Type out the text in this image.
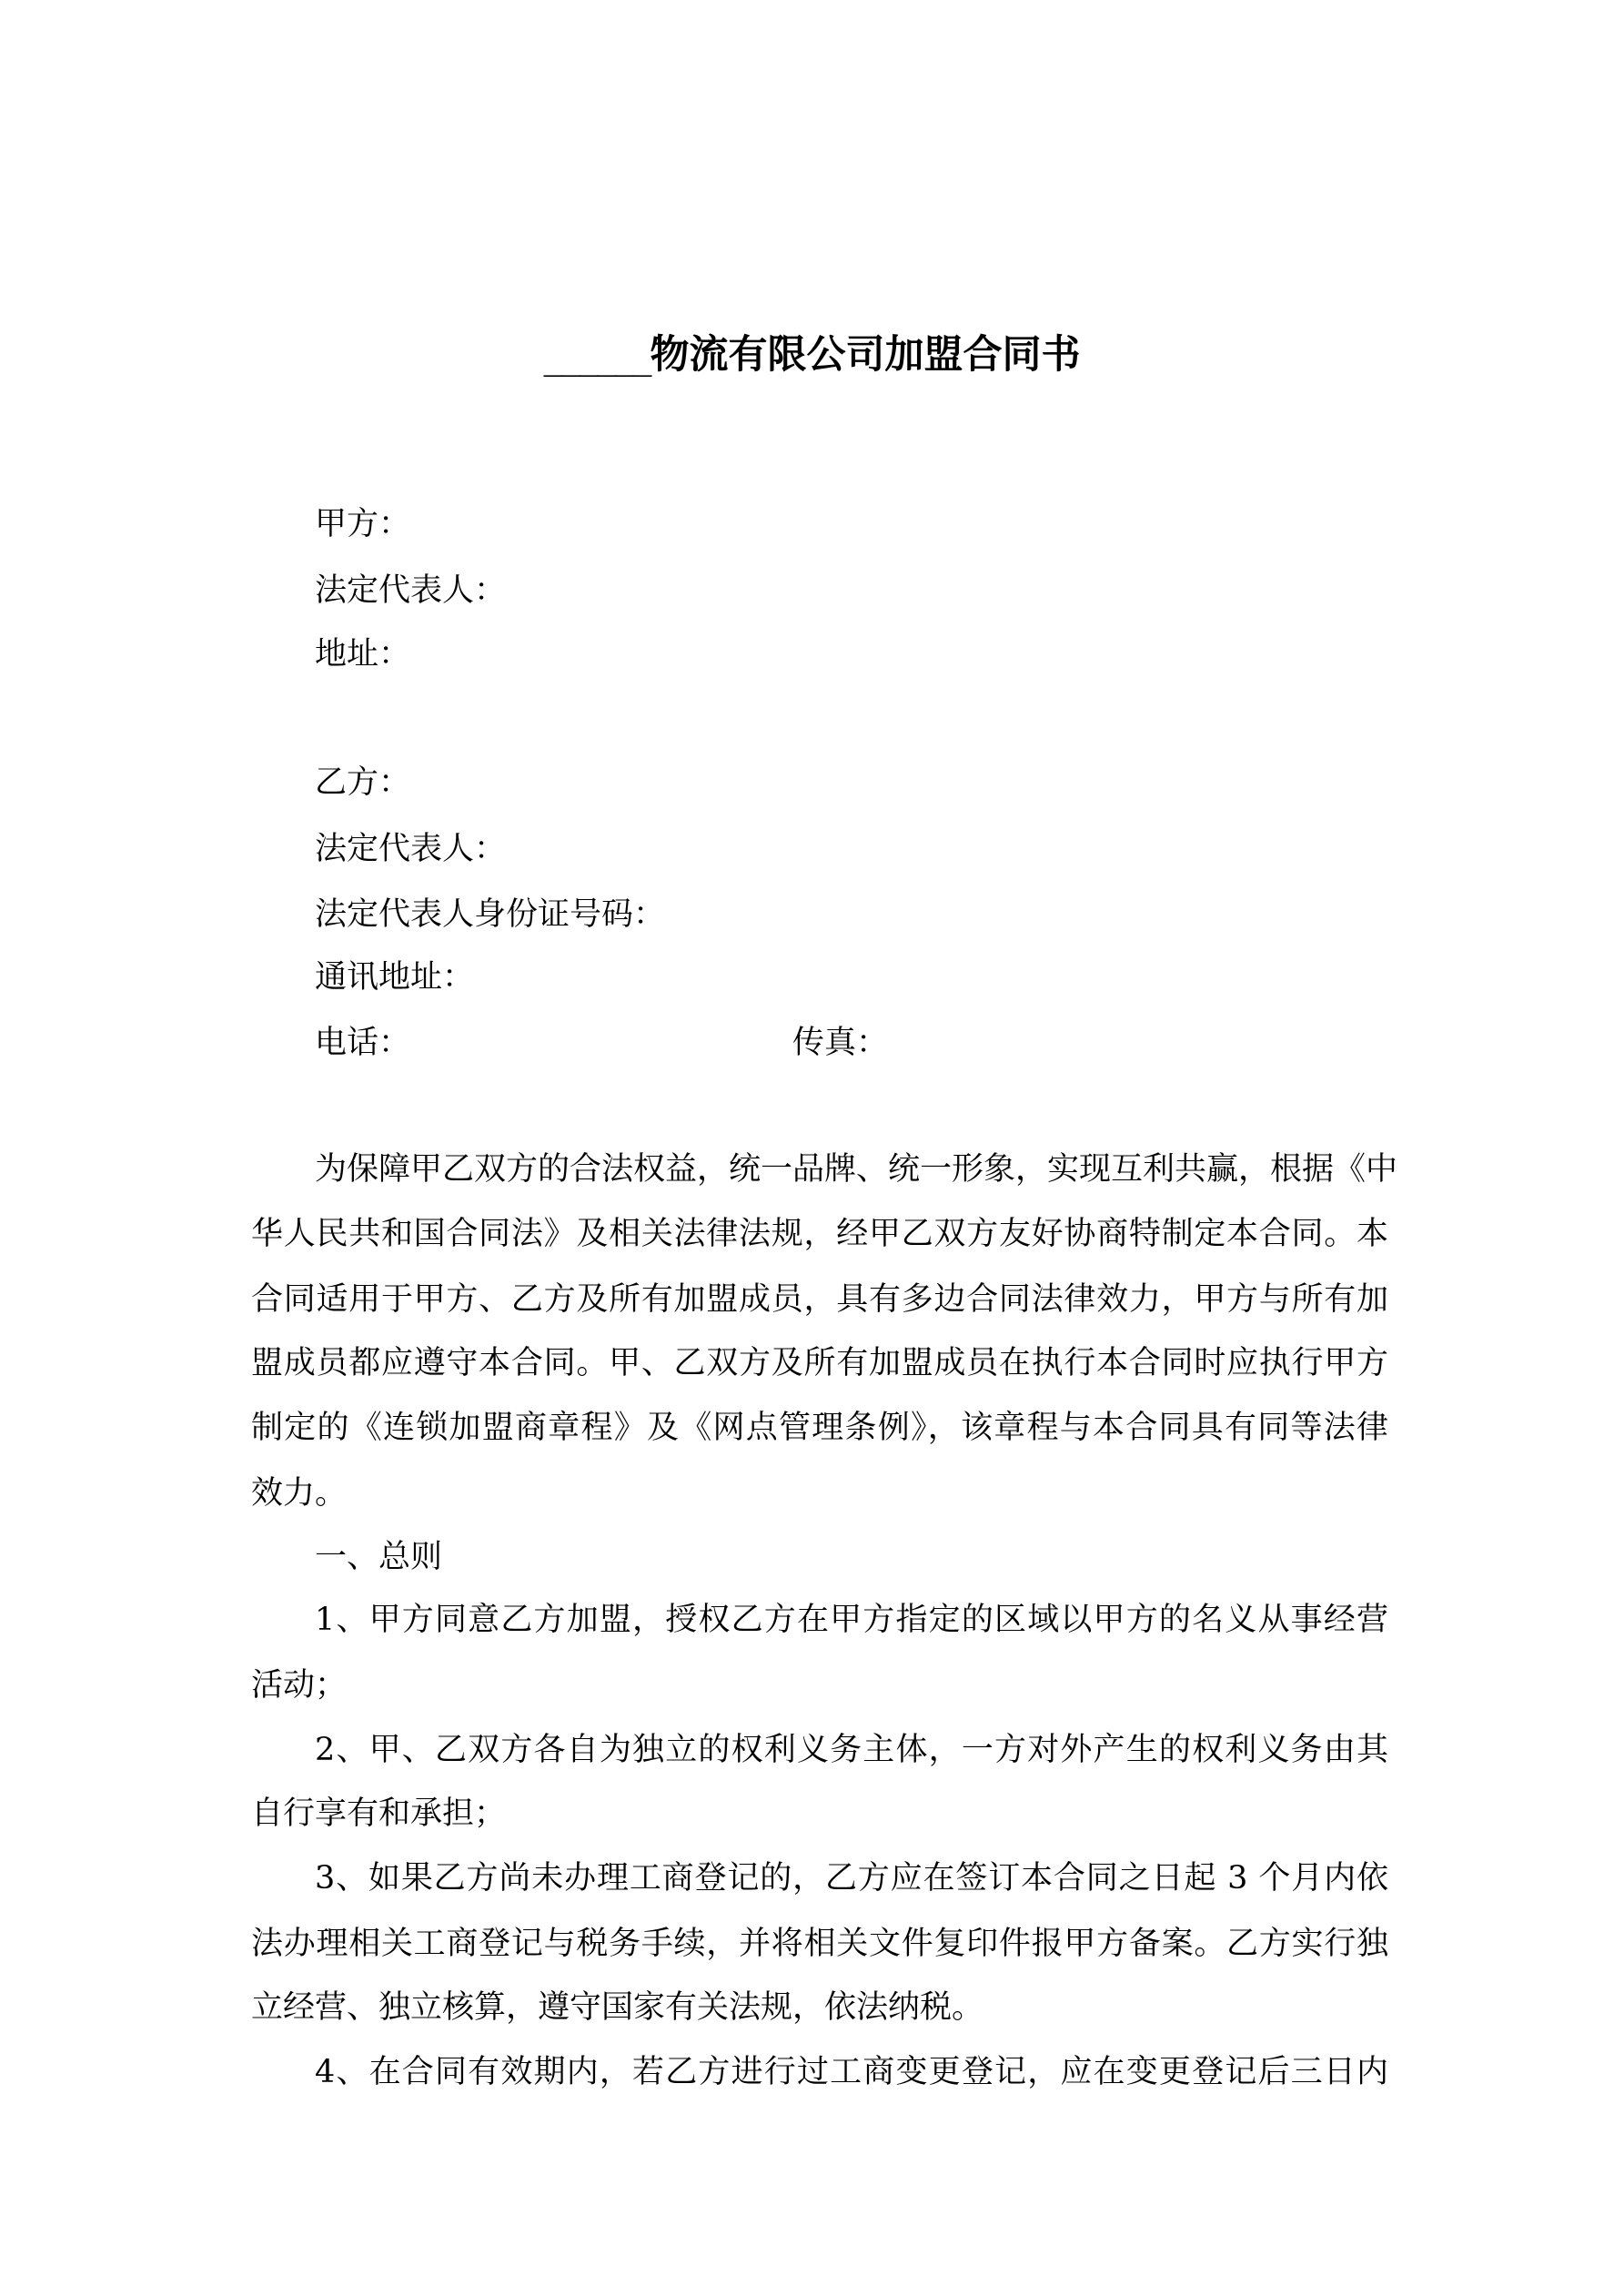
______物流有限公司加盟合同书
甲方：
法定代表人：
地址：
乙方：
法定代表人：
法定代表人身份证号码：
通讯地址：
电话：	传真：
为保障甲乙双方的合法权益，统一品牌、统一形象，实现互利共赢，根据《中
华人民共和国合同法》及相关法律法规，经甲乙双方友好协商特制定本合同。本
合同适用于甲方、乙方及所有加盟成员，具有多边合同法律效力，甲方与所有加
盟成员都应遵守本合同。甲、乙双方及所有加盟成员在执行本合同时应执行甲方
制定的《连锁加盟商章程》及《网点管理条例》，该章程与本合同具有同等法律
效力。
一、总则
1、甲方同意乙方加盟，授权乙方在甲方指定的区域以甲方的名义从事经营
活动；
2、甲、乙双方各自为独立的权利义务主体，一方对外产生的权利义务由其
自行享有和承担；
3、如果乙方尚未办理工商登记的，乙方应在签订本合同之日起 3 个月内依
法办理相关工商登记与税务手续，并将相关文件复印件报甲方备案。乙方实行独
立经营、独立核算，遵守国家有关法规，依法纳税。
4、在合同有效期内，若乙方进行过工商变更登记，应在变更登记后三日内
